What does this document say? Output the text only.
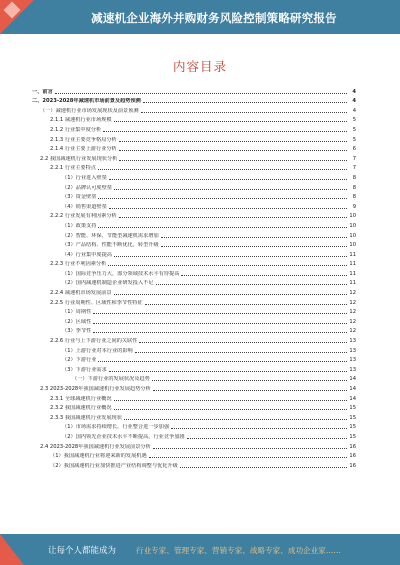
减速机企业海外并购财务风险控制策略研究报告
内容目录
一、前言	4
二、2023-2028年减速机市场前景及趋势预测	4
（一）减速机行业市场发展现状及前景预测	4
2.1.1 减速机行业市场规模	5
2.1.2 行业集中度分析	5
2.1.3 行业主要竞争格局分析	5
2.1.4 行业主要上游行业分析	6
2.2 我国减速机行业发展现状分析	7
2.2.1 行业主要特点	7
（1）行业进入壁垒	8
（2）品牌认可度壁垒	8
（3）资金壁垒	8
（4）销售渠道壁垒	9
2.2.2 行业发展有利因素分析	10
（1）政策支持	10
（2）智能、环保、节能型减速机需求增加	10
（3）产品结构、性能不断优化，转型升级	10
（4）行业集中度提高	11
2.2.3 行业不利因素分析	11
（1）国际竞争压力大，部分领域技术水平有待提高	11
（2）国内减速机制造企业研发投入不足	11
2.2.4 减速机市场发展前景	12
2.2.5 行业周期性、区域性和季节性特征	12
（1）周期性	12
（2）区域性	12
（3）季节性	12
2.2.6 行业与上下游行业之间的关联性	13
（1）上游行业对本行业的影响	13
（2）下游行业	13
（3）下游行业需求	13
（一）下游行业的发展状况及趋势	14
2.3 2023-2028年我国减速机行业发展趋势分析	14
2.3.1 全球减速机行业概况	14
2.3.2 我国减速机行业概况	15
2.3.3 我国减速机行业发展现状	15
（1）市场需求持续增长，行业整合进一步加强	15
（2）国内领先企业技术水平不断提高，行业竞争加剧	15
2.4 2023-2028年我国减速机行业发展前景分析	16
（1）我国减速机行业将迎来新的发展机遇	16
（2）我国减速机行业加快推进产业结构调整与优化升级	16
让每个人都能成为	行业专家、管理专家、营销专家、战略专家、成功企业家……
